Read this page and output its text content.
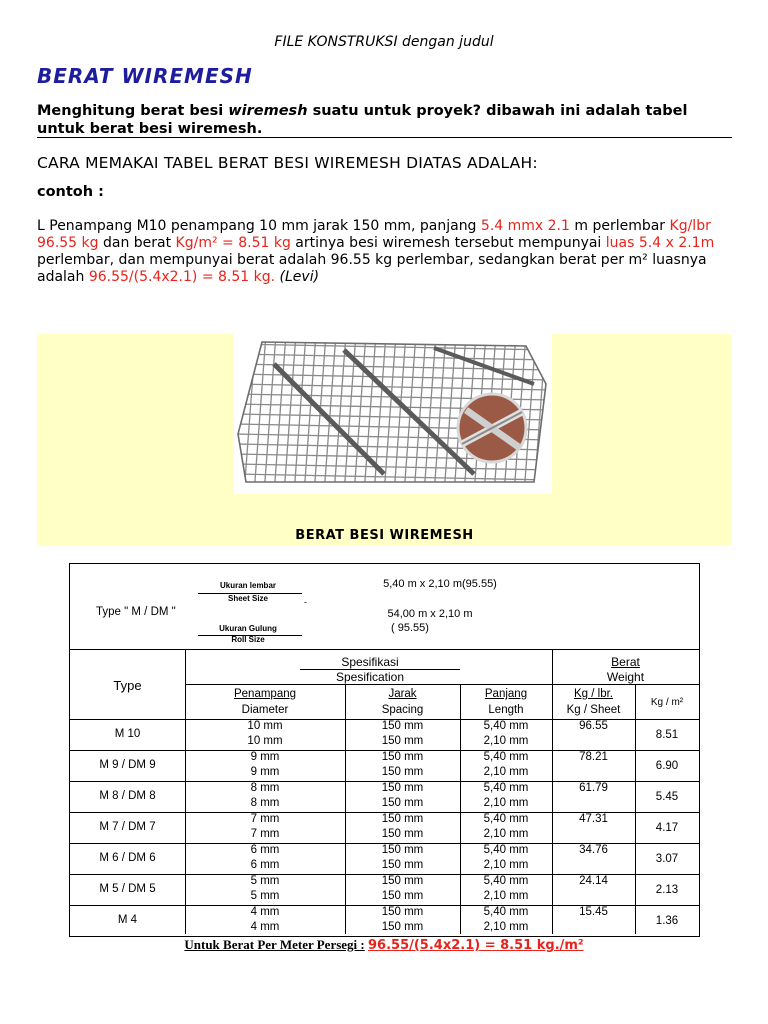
FILE KONSTRUKSI dengan judul
BERAT WIREMESH
Menghitung berat besi wiremesh suatu untuk proyek? dibawah ini adalah tabel untuk berat besi wiremesh.
CARA MEMAKAI TABEL BERAT BESI WIREMESH DIATAS ADALAH:
contoh :
L Penampang M10 penampang 10 mm jarak 150 mm, panjang 5.4 mmx 2.1 m perlembar Kg/lbr 96.55 kg dan berat Kg/m² = 8.51 kg artinya besi wiremesh tersebut mempunyai luas 5.4 x 2.1m perlembar, dan mempunyai berat adalah 96.55 kg perlembar, sedangkan berat per m² luasnya adalah 96.55/(5.4x2.1) = 8.51 kg. (Levi)
BERAT BESI WIREMESH
Type " M / DM "
Ukuran lembar
Sheet Size
5,40 m x 2,10 m(95.55)
-
54,00 m x 2,10 m
( 95.55)
Ukuran Gulung
Roll Size
Type
Spesifikasi
Spesification
Berat
Weight
Penampang
Diameter
Jarak
Spacing
Panjang
Length
Kg / lbr.
Kg / Sheet
Kg / m²
M 10
10 mm
10 mm
150 mm
150 mm
5,40 mm
2,10 mm
96.55
8.51
M 9 / DM 9
9 mm
9 mm
150 mm
150 mm
5,40 mm
2,10 mm
78.21
6.90
M 8 / DM 8
8 mm
8 mm
150 mm
150 mm
5,40 mm
2,10 mm
61.79
5.45
M 7 / DM 7
7 mm
7 mm
150 mm
150 mm
5,40 mm
2,10 mm
47.31
4.17
M 6 / DM 6
6 mm
6 mm
150 mm
150 mm
5,40 mm
2,10 mm
34.76
3.07
M 5 / DM 5
5 mm
5 mm
150 mm
150 mm
5,40 mm
2,10 mm
24.14
2.13
M 4
4 mm
4 mm
150 mm
150 mm
5,40 mm
2,10 mm
15.45
1.36
Untuk Berat Per Meter Persegi : 96.55/(5.4x2.1) = 8.51 kg./m²
